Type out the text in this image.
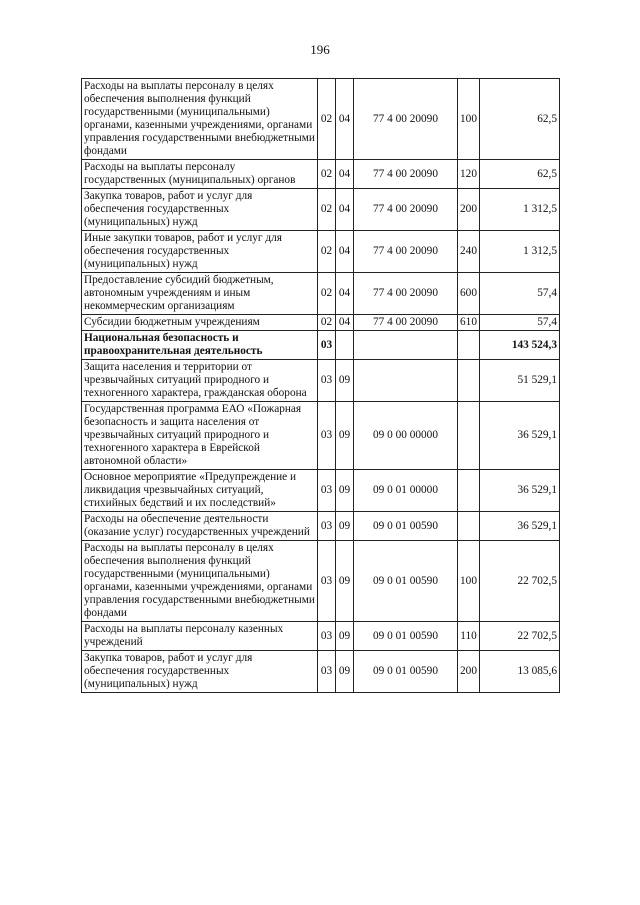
196
Расходы на выплаты персоналу в целях обеспечения выполнения функций государственными (муниципальными) органами, казенными учреждениями, органами управления государственными внебюджетными фондами	02	04	77 4 00 20090	100	62,5
Расходы на выплаты персоналу государственных (муниципальных) органов	02	04	77 4 00 20090	120	62,5
Закупка товаров, работ и услуг для обеспечения государственных (муниципальных) нужд	02	04	77 4 00 20090	200	1 312,5
Иные закупки товаров, работ и услуг для обеспечения государственных (муниципальных) нужд	02	04	77 4 00 20090	240	1 312,5
Предоставление субсидий бюджетным, автономным учреждениям и иным некоммерческим организациям	02	04	77 4 00 20090	600	57,4
Субсидии бюджетным учреждениям	02	04	77 4 00 20090	610	57,4
Национальная безопасность и правоохранительная деятельность	03				143 524,3
Защита населения и территории от чрезвычайных ситуаций природного и техногенного характера, гражданская оборона	03	09			51 529,1
Государственная программа ЕАО «Пожарная безопасность и защита населения от чрезвычайных ситуаций природного и техногенного характера в Еврейской автономной области»	03	09	09 0 00 00000		36 529,1
Основное мероприятие «Предупреждение и ликвидация чрезвычайных ситуаций, стихийных бедствий и их последствий»	03	09	09 0 01 00000		36 529,1
Расходы на обеспечение деятельности (оказание услуг) государственных учреждений	03	09	09 0 01 00590		36 529,1
Расходы на выплаты персоналу в целях обеспечения выполнения функций государственными (муниципальными) органами, казенными учреждениями, органами управления государственными внебюджетными фондами	03	09	09 0 01 00590	100	22 702,5
Расходы на выплаты персоналу казенных учреждений	03	09	09 0 01 00590	110	22 702,5
Закупка товаров, работ и услуг для обеспечения государственных (муниципальных) нужд	03	09	09 0 01 00590	200	13 085,6
